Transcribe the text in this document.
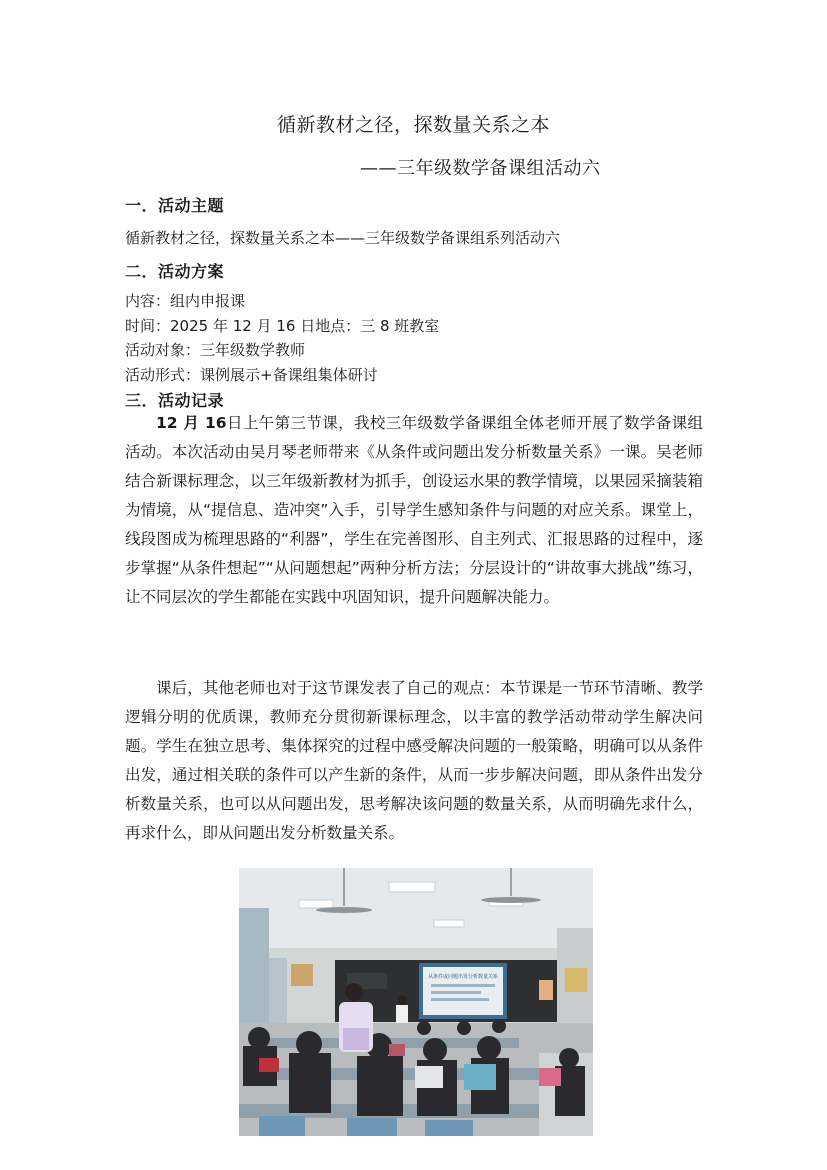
循新教材之径，探数量关系之本
——三年级数学备课组活动六
一．活动主题
循新教材之径，探数量关系之本——三年级数学备课组系列活动六
二．活动方案
内容：组内申报课
时间：2025 年 12 月 16 日地点：三 8 班教室
活动对象：三年级数学教师
活动形式：课例展示+备课组集体研讨
三．活动记录

12 月 16日上午第三节课，我校三年级数学备课组全体老师开展了数学备课组活动。本次活动由吴月琴老师带来《从条件或问题出发分析数量关系》一课。吴老师结合新课标理念，以三年级新教材为抓手，创设运水果的教学情境，以果园采摘装箱为情境，从“提信息、造冲突”入手，引导学生感知条件与问题的对应关系。课堂上，线段图成为梳理思路的“利器”，学生在完善图形、自主列式、汇报思路的过程中，逐步掌握“从条件想起”“从问题想起”两种分析方法；分层设计的“讲故事大挑战”练习，让不同层次的学生都能在实践中巩固知识，提升问题解决能力。

课后，其他老师也对于这节课发表了自己的观点：本节课是一节环节清晰、教学逻辑分明的优质课，教师充分贯彻新课标理念，以丰富的教学活动带动学生解决问题。学生在独立思考、集体探究的过程中感受解决问题的一般策略，明确可以从条件出发，通过相关联的条件可以产生新的条件，从而一步步解决问题，即从条件出发分析数量关系，也可以从问题出发，思考解决该问题的数量关系，从而明确先求什么，再求什么，即从问题出发分析数量关系。

从条件或问题出发分析数量关系
